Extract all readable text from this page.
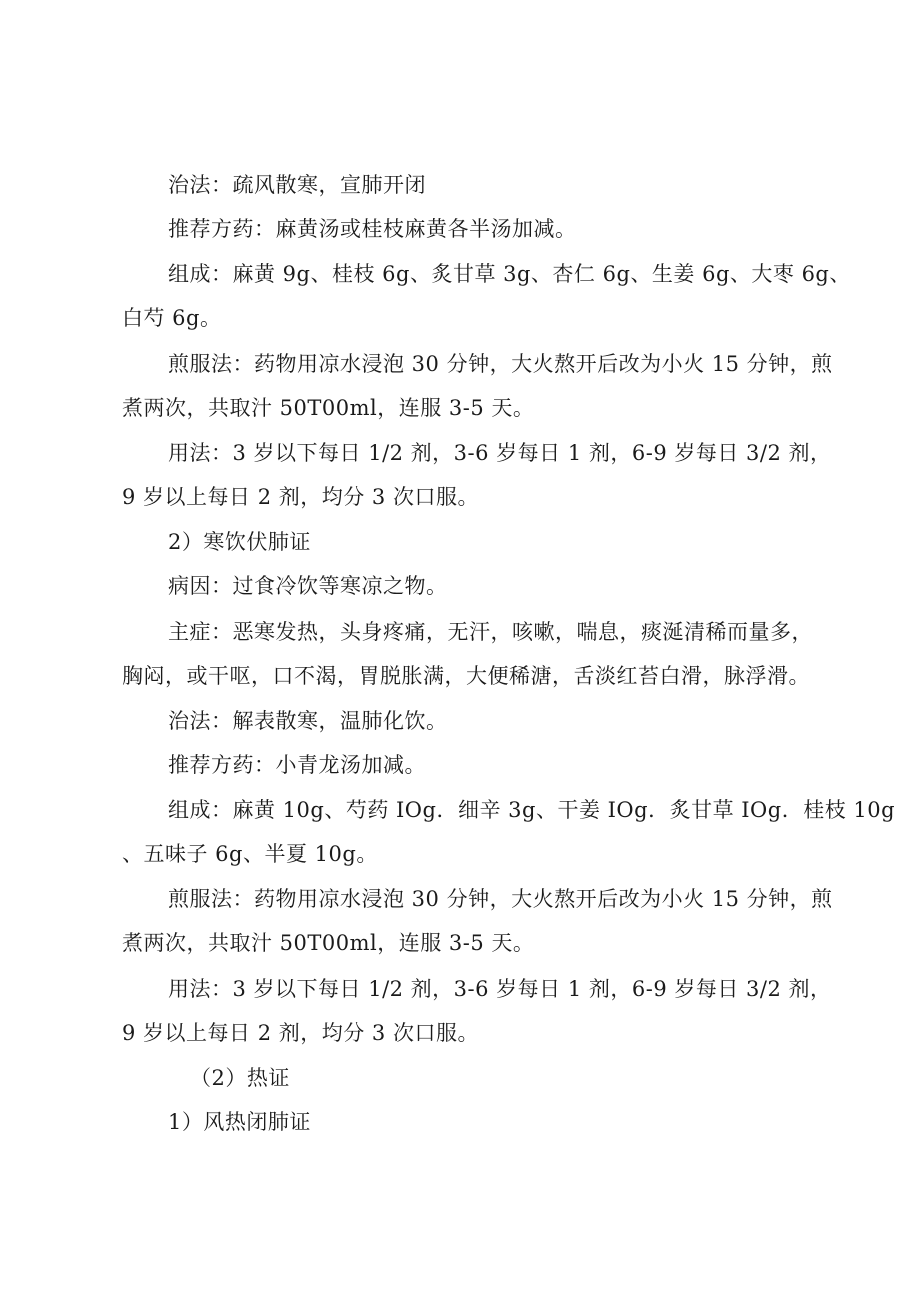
治法：疏风散寒，宣肺开闭
推荐方药：麻黄汤或桂枝麻黄各半汤加减。
组成：麻黄 9g、桂枝 6g、炙甘草 3g、杏仁 6g、生姜 6g、大枣 6g、
白芍 6g。
煎服法：药物用凉水浸泡 30 分钟，大火熬开后改为小火 15 分钟，煎
煮两次，共取汁 50T00ml，连服 3-5 天。
用法：3 岁以下每日 1/2 剂，3-6 岁每日 1 剂，6-9 岁每日 3/2 剂，
9 岁以上每日 2 剂，均分 3 次口服。
2）寒饮伏肺证
病因：过食冷饮等寒凉之物。
主症：恶寒发热，头身疼痛，无汗，咳嗽，喘息，痰涎清稀而量多，
胸闷，或干呕，口不渴，胃脱胀满，大便稀溏，舌淡红苔白滑，脉浮滑。
治法：解表散寒，温肺化饮。
推荐方药：小青龙汤加减。
组成：麻黄 10g、芍药 IOg．细辛 3g、干姜 IOg．炙甘草 IOg．桂枝 10g
、五味子 6g、半夏 10g。
煎服法：药物用凉水浸泡 30 分钟，大火熬开后改为小火 15 分钟，煎
煮两次，共取汁 50T00ml，连服 3-5 天。
用法：3 岁以下每日 1/2 剂，3-6 岁每日 1 剂，6-9 岁每日 3/2 剂，
9 岁以上每日 2 剂，均分 3 次口服。
（2）热证
1）风热闭肺证
